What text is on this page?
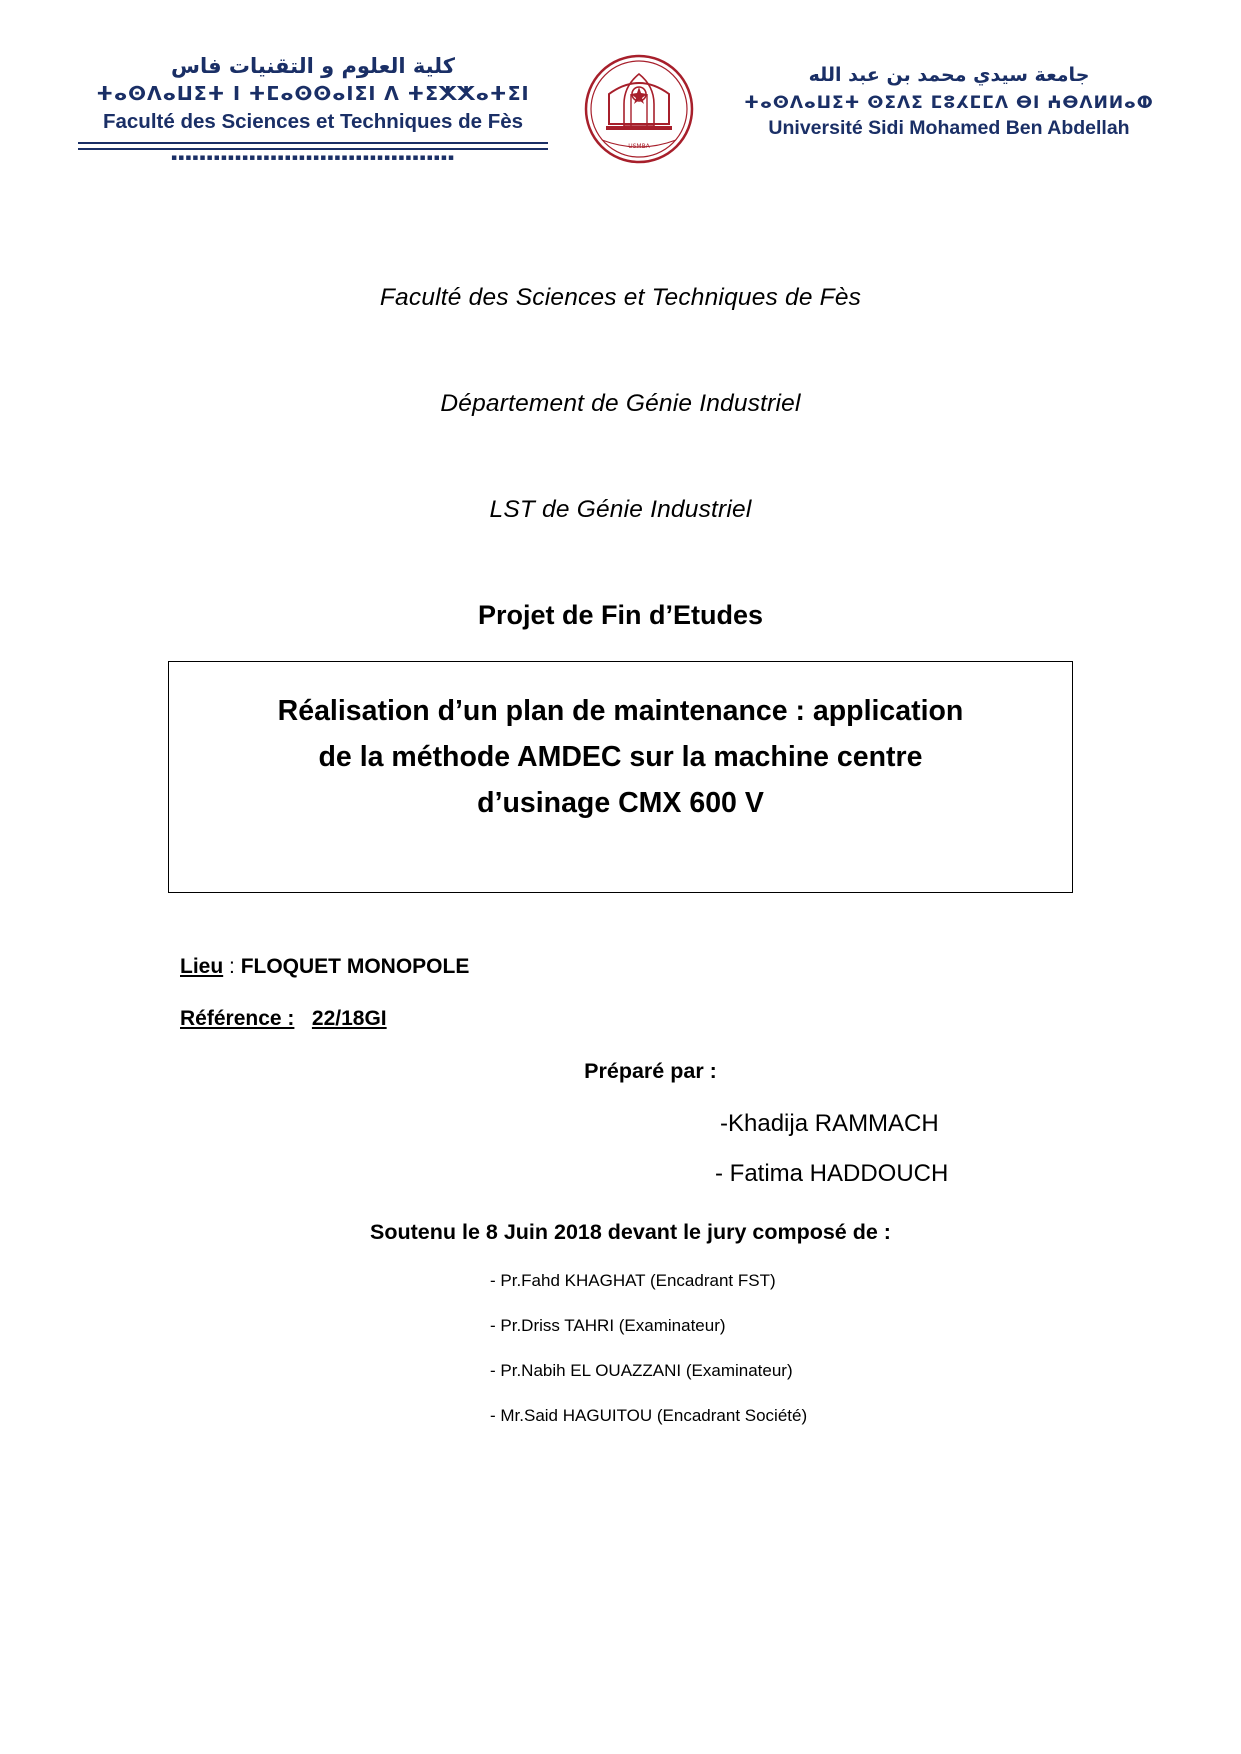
كلية العلوم و التقنيات فاس
ⵜⴰⵙⴷⴰⵡⵉⵜ ⵏ ⵜⵎⴰⵙⵙⴰⵏⵉⵏ ⴷ ⵜⵉⵅⵅⴰⵜⵉⵏ
Faculté des Sciences et Techniques de Fès
▪▪▪▪▪▪▪▪▪▪▪▪▪▪▪▪▪▪▪▪▪▪▪▪▪▪▪▪▪▪▪▪▪▪▪▪▪▪▪▪
USMBA
جامعة سيدي محمد بن عبد الله
ⵜⴰⵙⴷⴰⵡⵉⵜ ⵙⵉⴷⵉ ⵎⵓⵃⵎⵎⴷ ⴱⵏ ⵄⴱⴷⵍⵍⴰⵀ
Université Sidi Mohamed Ben Abdellah
Faculté des Sciences et Techniques de Fès
Département de Génie Industriel
LST de Génie Industriel
Projet de Fin d’Etudes

Réalisation d’un plan de maintenance : application

de la méthode AMDEC sur la machine centre

d’usinage CMX 600 V

Lieu : FLOQUET MONOPOLE
Référence : 22/18GI
Préparé par :
-Khadija RAMMACH
- Fatima HADDOUCH
Soutenu le 8 Juin 2018 devant le jury composé de :
- Pr.Fahd KHAGHAT (Encadrant FST)
- Pr.Driss TAHRI (Examinateur)
- Pr.Nabih EL OUAZZANI (Examinateur)
- Mr.Said HAGUITOU (Encadrant Société)
